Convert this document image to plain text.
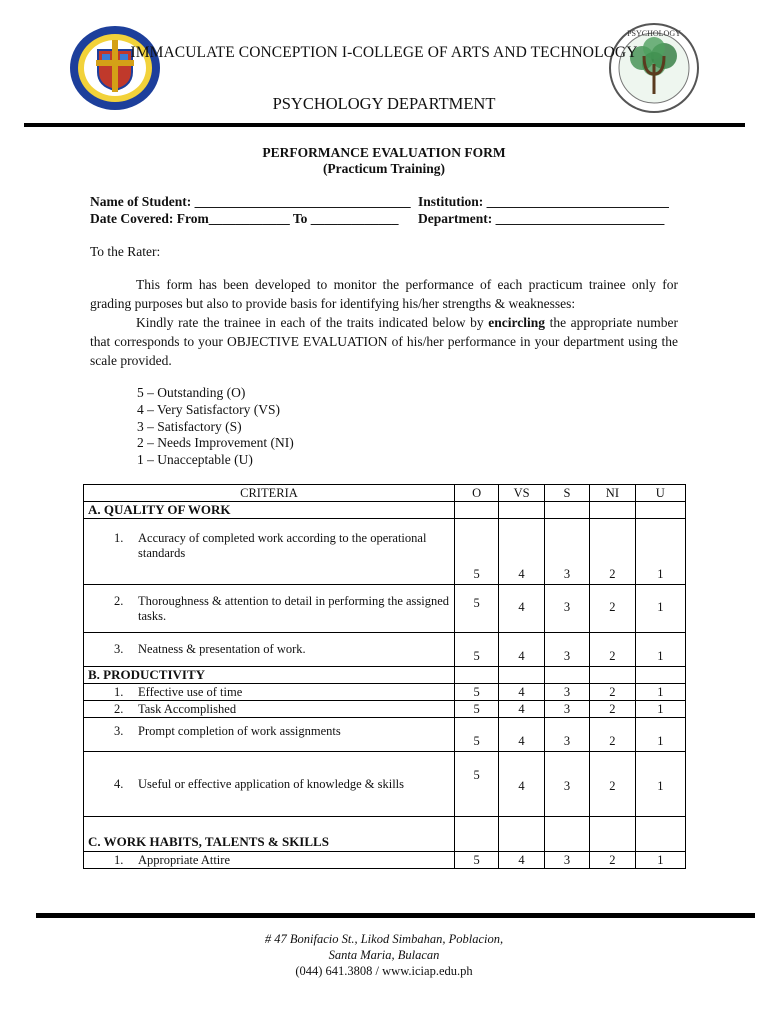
PSYCHOLOGY
IMMACULATE CONCEPTION I-COLLEGE OF ARTS AND TECHNOLOGY
PSYCHOLOGY DEPARTMENT
PERFORMANCE EVALUATION FORM
(Practicum Training)
Name of Student: ________________________________ Institution: ___________________________
Date Covered: From____________ To _____________ Department: _________________________
To the Rater:
This form has been developed to monitor the performance of each practicum trainee only for grading purposes but also to provide basis for identifying his/her strengths & weaknesses:
Kindly rate the trainee in each of the traits indicated below by encircling the appropriate number that corresponds to your OBJECTIVE EVALUATION of his/her performance in your department using the scale provided.
5 – Outstanding (O)
4 – Very Satisfactory (VS)
3 – Satisfactory (S)
2 – Needs Improvement (NI)
1 – Unacceptable (U)
CRITERIA	O	VS	S	NI	U
A. QUALITY OF WORK					

1. Accuracy of completed work according to the operational standards	5	4	3	2	1

2. Thoroughness & attention to detail in performing the assigned tasks.	5	4	3	2	1

3. Neatness & presentation of work.	5	4	3	2	1

B. PRODUCTIVITY					

1. Effective use of time	5	4	3	2	1

2. Task Accomplished	5	4	3	2	1

3. Prompt completion of work assignments	5	4	3	2	1

4. Useful or effective application of knowledge & skills	5	4	3	2	1

C. WORK HABITS, TALENTS & SKILLS					

1. Appropriate Attire	5	4	3	2	1
# 47 Bonifacio St., Likod Simbahan, Poblacion,
Santa Maria, Bulacan
(044) 641.3808 / www.iciap.edu.ph
